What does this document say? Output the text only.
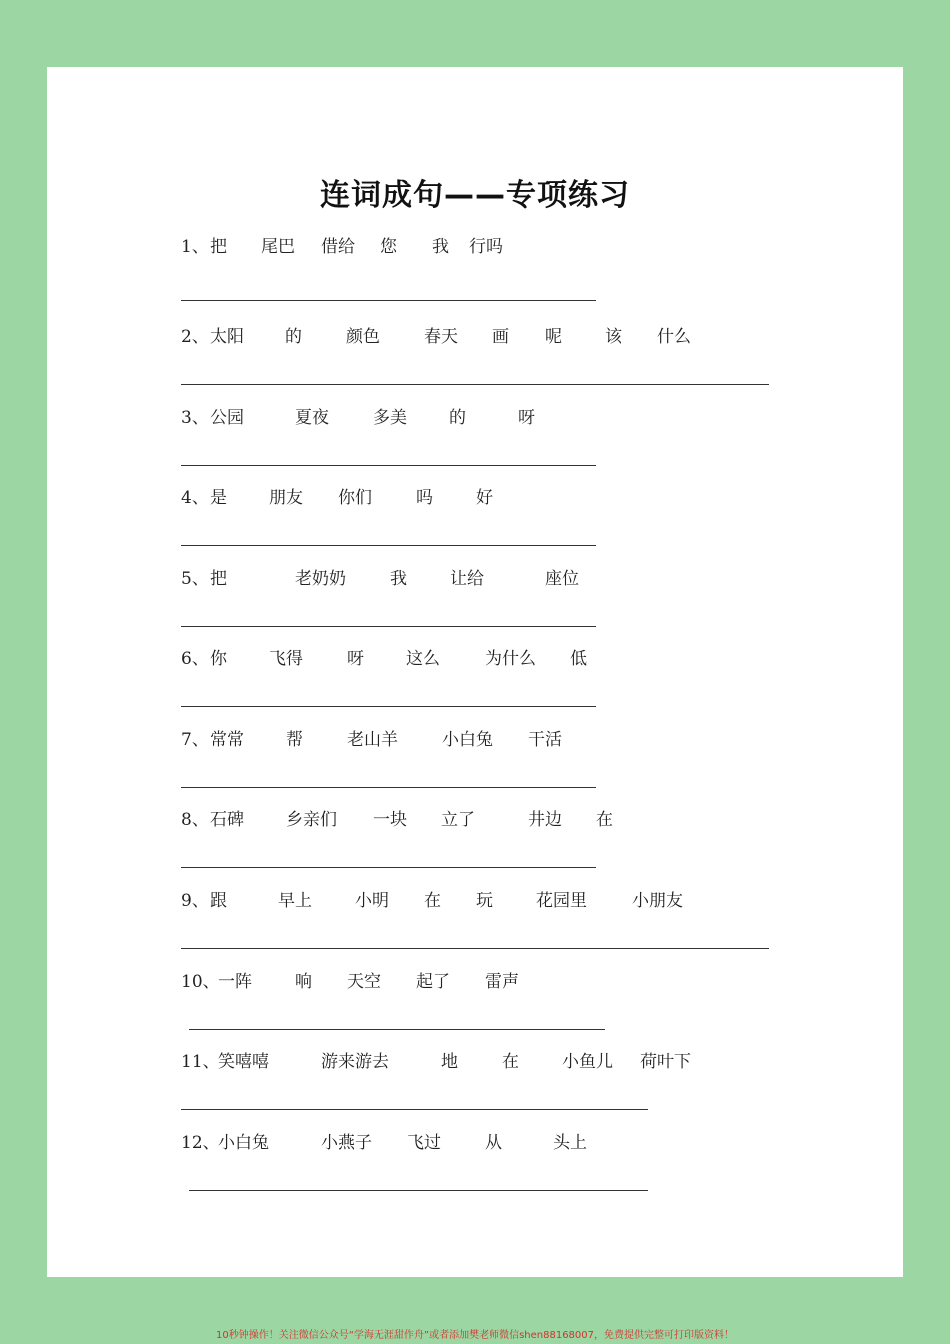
连词成句——专项练习
1、 把 尾巴 借给 您 我 行吗
2、 太阳 的	颜色	春天 画 呢	该 什么
3、 公园	夏夜	多美 的	呀
4、 是 朋友 你们	吗	好
5、 把	老奶奶	我	让给	座位
6、 你 飞得	呀 这么	为什么 低
7、 常常 帮	老山羊	小白兔 干活
8、 石碑 乡亲们 一块 立了	井边 在
9、 跟	早上	小明 在 玩	花园里	小朋友
10、
一阵	响 天空 起了 雷声
11、
笑嘻嘻	游来游去	地	在	小鱼儿 荷叶下
12、
小白兔	小燕子 飞过	从	头上
10秒钟操作！关注微信公众号“学海无涯甜作舟”或者添加樊老师微信shen88168007，免费提供完整可打印版资料！
